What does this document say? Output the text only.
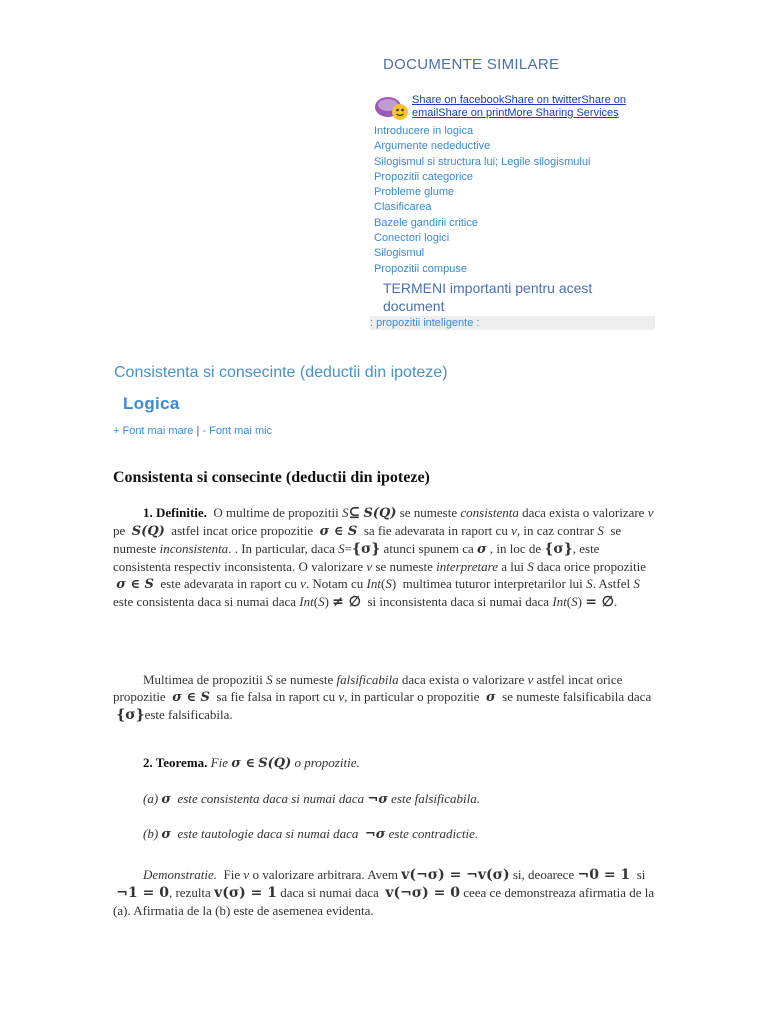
DOCUMENTE SIMILARE
Share on facebookShare on twitterShare on emailShare on printMore Sharing Services
Introducere in logica
Argumente nedeductive
Silogismul si structura lui; Legile silogismului
Propozitii categorice
Probleme glume
Clasificarea
Bazele gandirii critice
Conectori logici
Silogismul
Propozitii compuse
TERMENI importanti pentru acest document
: propozitii inteligente :
Consistenta si consecinte (deductii din ipoteze)
Logica
+ Font mai mare | - Font mai mic
Consistenta si consecinte (deductii din ipoteze)

1. Definitie.  O multime de propozitii S⊆ S(Q) se numeste consistenta daca exista o valorizare v pe  S(Q)  astfel incat orice propozitie  σ ∈ S  sa fie adevarata in raport cu v, in caz contrar S  se numeste inconsistenta. . In particular, daca S={σ} atunci spunem ca σ , in loc de {σ}, este consistenta respectiv inconsistenta. O valorizare v se numeste interpretare a lui S daca orice propozitie  σ ∈ S  este adevarata in raport cu v. Notam cu Int(S)  multimea tuturor interpretarilor lui S. Astfel S  este consistenta daca si numai daca Int(S) ≠ ∅  si inconsistenta daca si numai daca Int(S) = ∅.

Multimea de propozitii S se numeste falsificabila daca exista o valorizare v astfel incat orice propozitie  σ ∈ S  sa fie falsa in raport cu v, in particular o propozitie  σ  se numeste falsificabila daca  {σ}este falsificabila.

2. Teorema. Fie σ ∈ S(Q) o propozitie.

(a) σ este consistenta daca si numai daca ¬σ este falsificabila.

(b) σ este tautologie daca si numai daca  ¬σ este contradictie.

Demonstratie.  Fie v o valorizare arbitrara. Avem v(¬σ) = ¬v(σ) si, deoarece ¬0 = 1  si  ¬1 = 0, rezulta v(σ) = 1 daca si numai daca  v(¬σ) = 0 ceea ce demonstreaza afirmatia de la (a). Afirmatia de la (b) este de asemenea evidenta.
